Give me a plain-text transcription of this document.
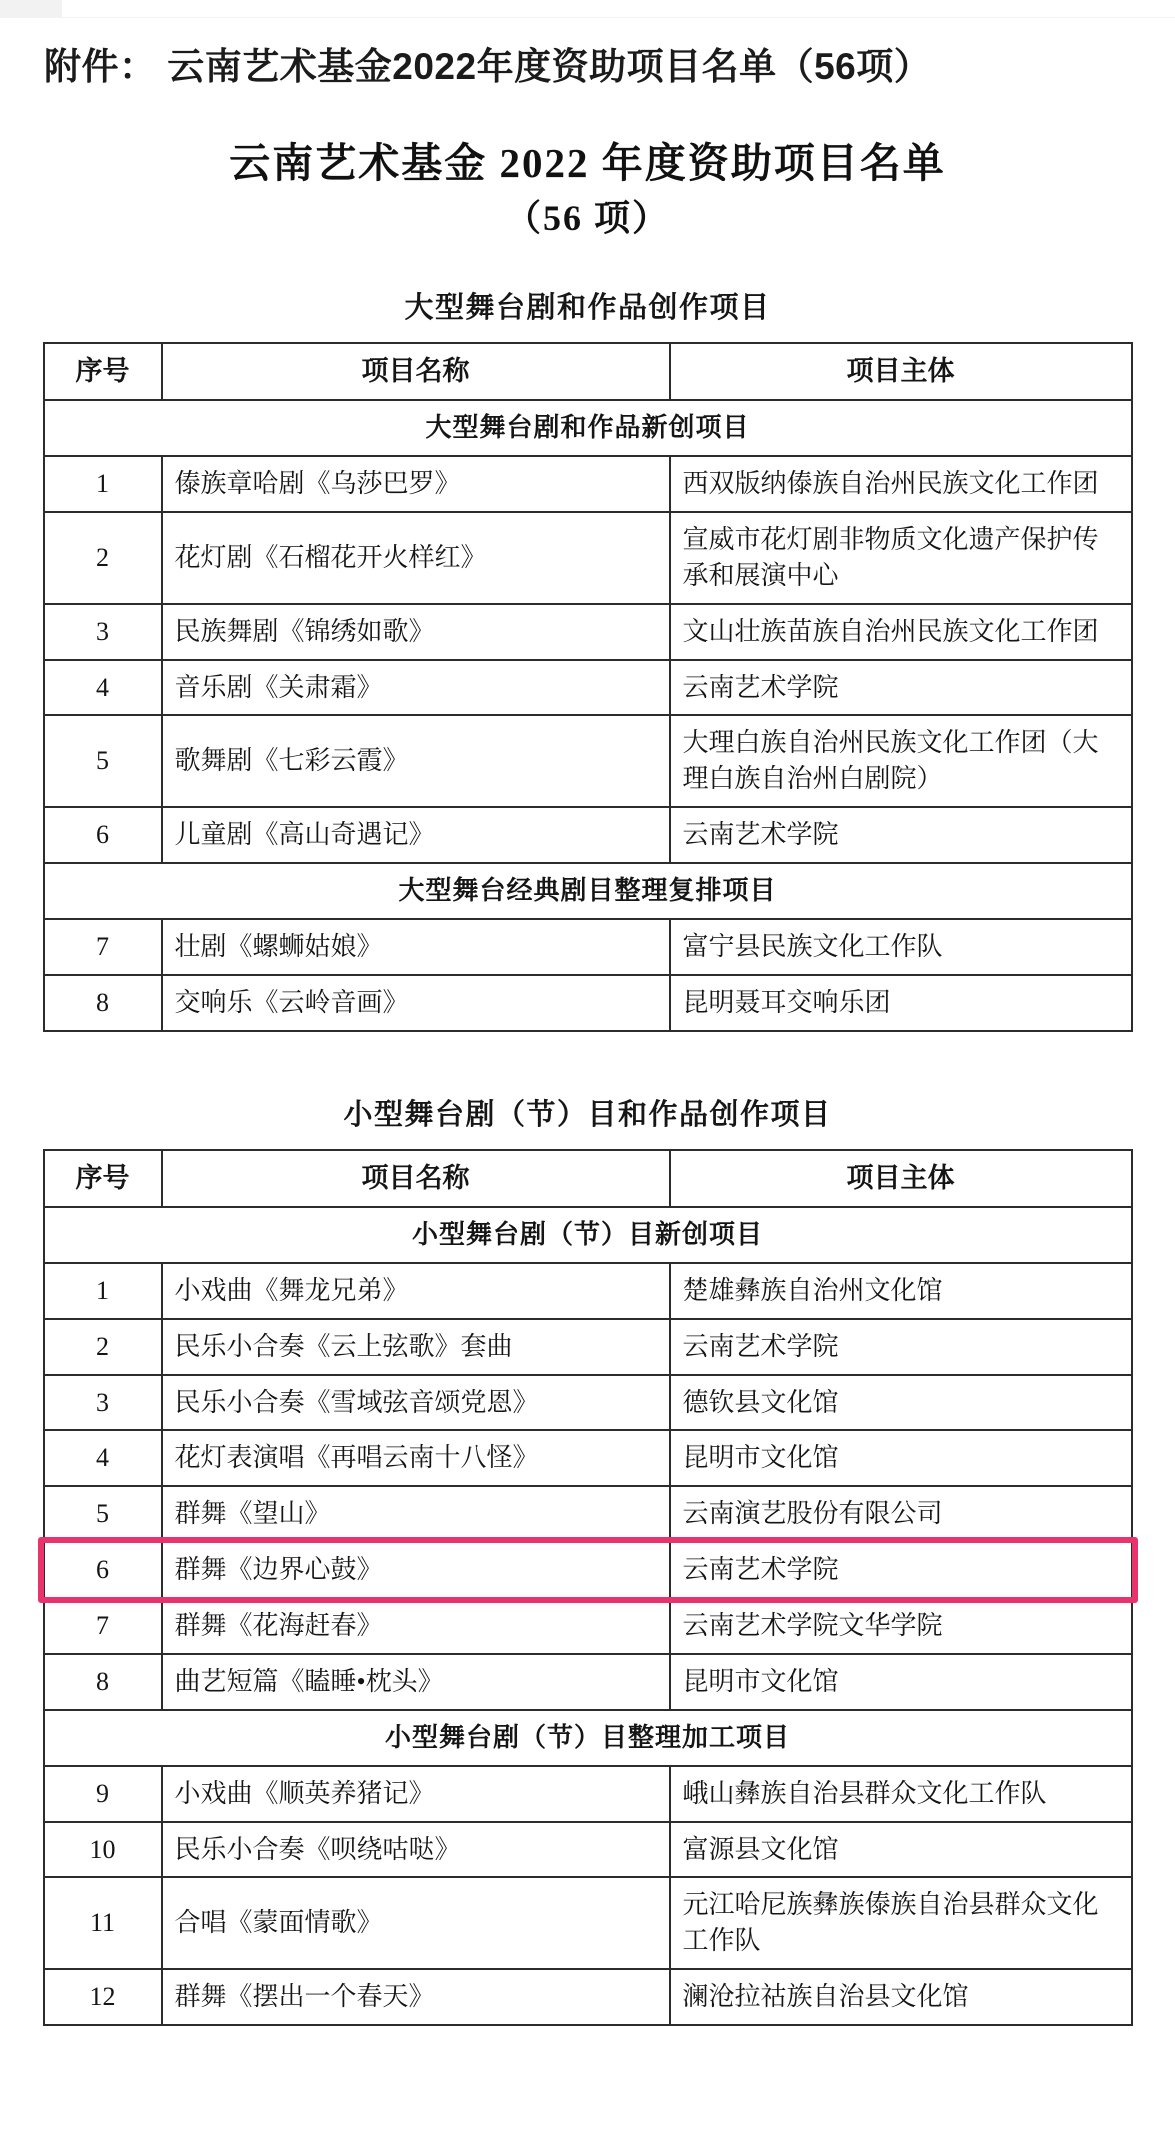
附件： 云南艺术基金2022年度资助项目名单（56项）
云南艺术基金 2022 年度资助项目名单
（56 项）
大型舞台剧和作品创作项目
序号	项目名称	项目主体
大型舞台剧和作品新创项目		
1	傣族章哈剧《乌莎巴罗》	西双版纳傣族自治州民族文化工作团
2	花灯剧《石榴花开火样红》	宣威市花灯剧非物质文化遗产保护传承和展演中心
3	民族舞剧《锦绣如歌》	文山壮族苗族自治州民族文化工作团
4	音乐剧《关肃霜》	云南艺术学院
5	歌舞剧《七彩云霞》	大理白族自治州民族文化工作团（大理白族自治州白剧院）
6	儿童剧《高山奇遇记》	云南艺术学院
大型舞台经典剧目整理复排项目		
7	壮剧《螺蛳姑娘》	富宁县民族文化工作队
8	交响乐《云岭音画》	昆明聂耳交响乐团
小型舞台剧（节）目和作品创作项目
序号	项目名称	项目主体
小型舞台剧（节）目新创项目		
1	小戏曲《舞龙兄弟》	楚雄彝族自治州文化馆
2	民乐小合奏《云上弦歌》套曲	云南艺术学院
3	民乐小合奏《雪域弦音颂党恩》	德钦县文化馆
4	花灯表演唱《再唱云南十八怪》	昆明市文化馆
5	群舞《望山》	云南演艺股份有限公司
6	群舞《边界心鼓》	云南艺术学院
7	群舞《花海赶春》	云南艺术学院文华学院
8	曲艺短篇《瞌睡•枕头》	昆明市文化馆
小型舞台剧（节）目整理加工项目		
9	小戏曲《顺英养猪记》	峨山彝族自治县群众文化工作队
10	民乐小合奏《呗绕咕哒》	富源县文化馆
11	合唱《蒙面情歌》	元江哈尼族彝族傣族自治县群众文化工作队
12	群舞《摆出一个春天》	澜沧拉祜族自治县文化馆
